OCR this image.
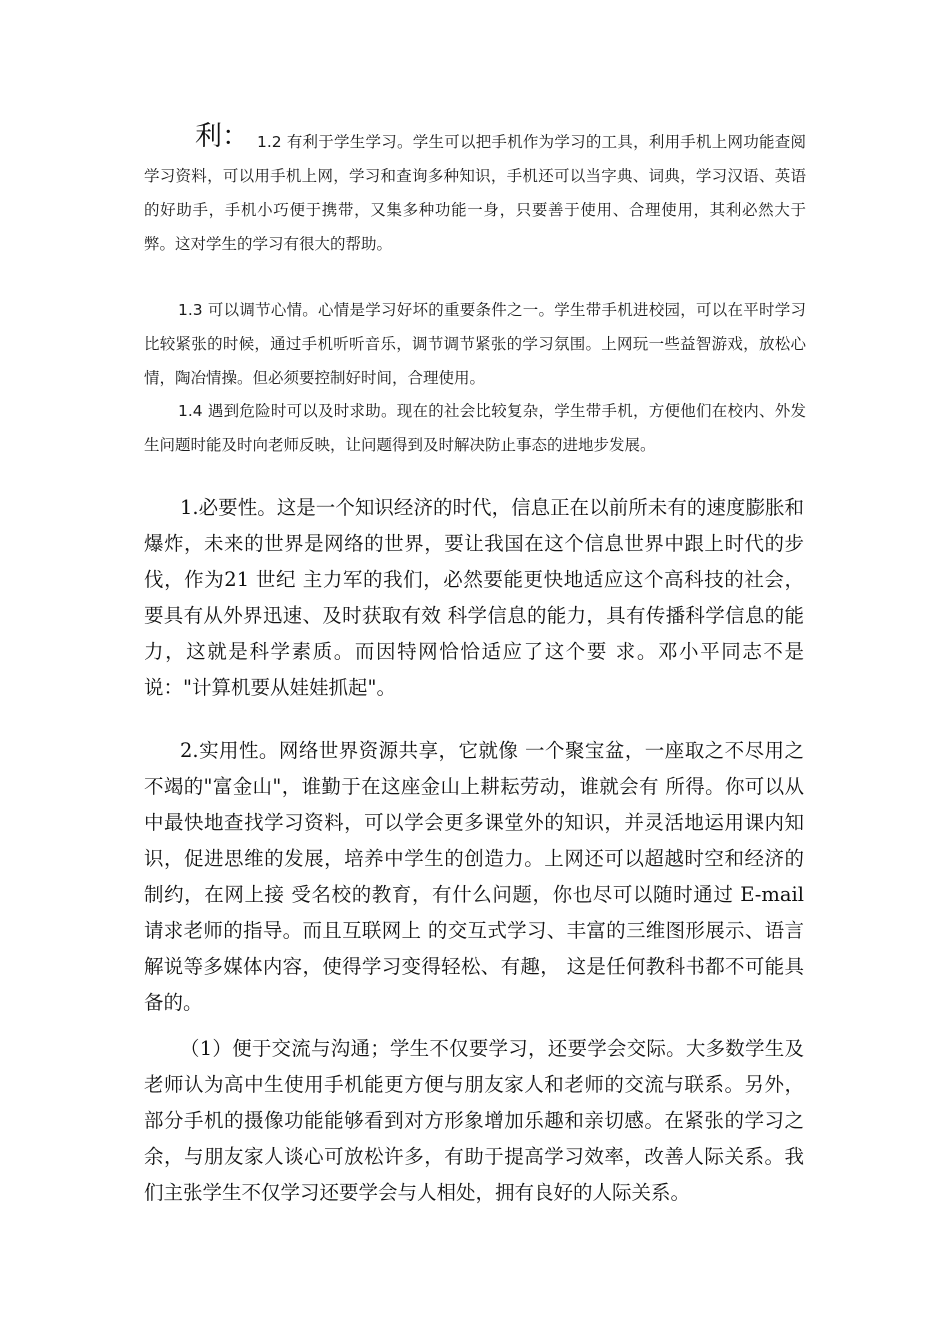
利： 1.2 有利于学生学习。学生可以把手机作为学习的工具，利用手机上网功能查阅学习资料，可以用手机上网，学习和查询多种知识，手机还可以当字典、词典，学习汉语、英语的好助手，手机小巧便于携带，又集多种功能一身，只要善于使用、合理使用，其利必然大于弊。这对学生的学习有很大的帮助。

1.3 可以调节心情。心情是学习好坏的重要条件之一。学生带手机进校园，可以在平时学习比较紧张的时候，通过手机听听音乐，调节调节紧张的学习氛围。上网玩一些益智游戏，放松心情，陶冶情操。但必须要控制好时间，合理使用。

1.4 遇到危险时可以及时求助。现在的社会比较复杂，学生带手机，方便他们在校内、外发生问题时能及时向老师反映，让问题得到及时解决防止事态的进地步发展。

1.必要性。这是一个知识经济的时代，信息正在以前所未有的速度膨胀和爆炸，未来的世界是网络的世界，要让我国在这个信息世界中跟上时代的步伐，作为21 世纪 主力军的我们，必然要能更快地适应这个高科技的社会，要具有从外界迅速、及时获取有效 科学信息的能力，具有传播科学信息的能力，这就是科学素质。而因特网恰恰适应了这个要 求。邓小平同志不是说："计算机要从娃娃抓起"。

2.实用性。网络世界资源共享，它就像 一个聚宝盆，一座取之不尽用之不竭的"富金山"，谁勤于在这座金山上耕耘劳动，谁就会有 所得。你可以从中最快地查找学习资料，可以学会更多课堂外的知识，并灵活地运用课内知 识，促进思维的发展，培养中学生的创造力。上网还可以超越时空和经济的制约，在网上接 受名校的教育，有什么问题，你也尽可以随时通过 E-mail 请求老师的指导。而且互联网上 的交互式学习、丰富的三维图形展示、语言解说等多媒体内容，使得学习变得轻松、有趣， 这是任何教科书都不可能具备的。

（1）便于交流与沟通；学生不仅要学习，还要学会交际。大多数学生及老师认为高中生使用手机能更方便与朋友家人和老师的交流与联系。另外，部分手机的摄像功能能够看到对方形象增加乐趣和亲切感。在紧张的学习之余，与朋友家人谈心可放松许多，有助于提高学习效率，改善人际关系。我们主张学生不仅学习还要学会与人相处，拥有良好的人际关系。
